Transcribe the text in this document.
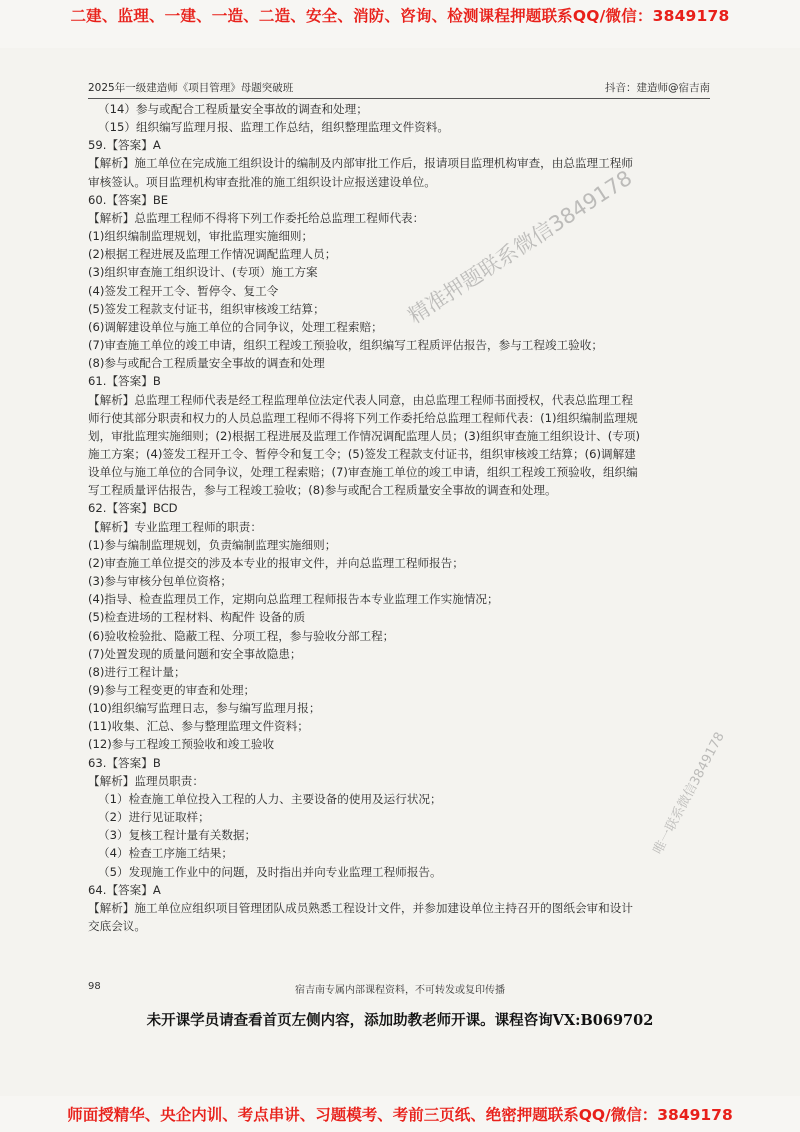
二建、监理、一建、一造、二造、安全、消防、咨询、检测课程押题联系QQ/微信：3849178
2025年一级建造师《项目管理》母题突破班	抖音：建造师@宿吉南

（14）参与或配合工程质量安全事故的调查和处理；

（15）组织编写监理月报、监理工作总结，组织整理监理文件资料。

59.【答案】A

【解析】施工单位在完成施工组织设计的编制及内部审批工作后，报请项目监理机构审查，由总监理工程师

审核签认。项目监理机构审查批准的施工组织设计应报送建设单位。

60.【答案】BE

【解析】总监理工程师不得将下列工作委托给总监理工程师代表：

(1)组织编制监理规划，审批监理实施细则；

(2)根据工程进展及监理工作情况调配监理人员；

(3)组织审查施工组织设计、(专项）施工方案

(4)签发工程开工令、暂停令、复工令

(5)签发工程款支付证书，组织审核竣工结算；

(6)调解建设单位与施工单位的合同争议，处理工程索赔；

(7)审查施工单位的竣工申请，组织工程竣工预验收，组织编写工程质评估报告，参与工程竣工验收；

(8)参与或配合工程质量安全事故的调查和处理

61.【答案】B

【解析】总监理工程师代表是经工程监理单位法定代表人同意，由总监理工程师书面授权，代表总监理工程

师行使其部分职责和权力的人员总监理工程师不得将下列工作委托给总监理工程师代表：(1)组织编制监理规

划，审批监理实施细则；(2)根据工程进展及监理工作情况调配监理人员；(3)组织审查施工组织设计、(专项)

施工方案；(4)签发工程开工令、暂停令和复工令；(5)签发工程款支付证书，组织审核竣工结算；(6)调解建

设单位与施工单位的合同争议，处理工程索赔；(7)审查施工单位的竣工申请，组织工程竣工预验收，组织编

写工程质量评估报告，参与工程竣工验收；(8)参与或配合工程质量安全事故的调查和处理。

62.【答案】BCD

【解析】专业监理工程师的职责：

(1)参与编制监理规划，负责编制监理实施细则；

(2)审查施工单位提交的涉及本专业的报审文件，并向总监理工程师报告；

(3)参与审核分包单位资格；

(4)指导、检查监理员工作，定期向总监理工程师报告本专业监理工作实施情况；

(5)检查进场的工程材料、构配件 设备的质

(6)验收检验批、隐蔽工程、分项工程，参与验收分部工程；

(7)处置发现的质量问题和安全事故隐患；

(8)进行工程计量；

(9)参与工程变更的审查和处理；

(10)组织编写监理日志，参与编写监理月报；

(11)收集、汇总、参与整理监理文件资料；

(12)参与工程竣工预验收和竣工验收

63.【答案】B

【解析】监理员职责：

（1）检查施工单位投入工程的人力、主要设备的使用及运行状况；

（2）进行见证取样；

（3）复核工程计量有关数据；

（4）检查工序施工结果；

（5）发现施工作业中的问题，及时指出并向专业监理工程师报告。

64.【答案】A

【解析】施工单位应组织项目管理团队成员熟悉工程设计文件，并参加建设单位主持召开的图纸会审和设计

交底会议。

精准押题联系微信3849178
唯一联系微信3849178
98	宿吉南专属内部课程资料，不可转发或复印传播
未开课学员请查看首页左侧内容，添加助教老师开课。课程咨询VX:B069702
师面授精华、央企内训、考点串讲、习题模考、考前三页纸、绝密押题联系QQ/微信：3849178
